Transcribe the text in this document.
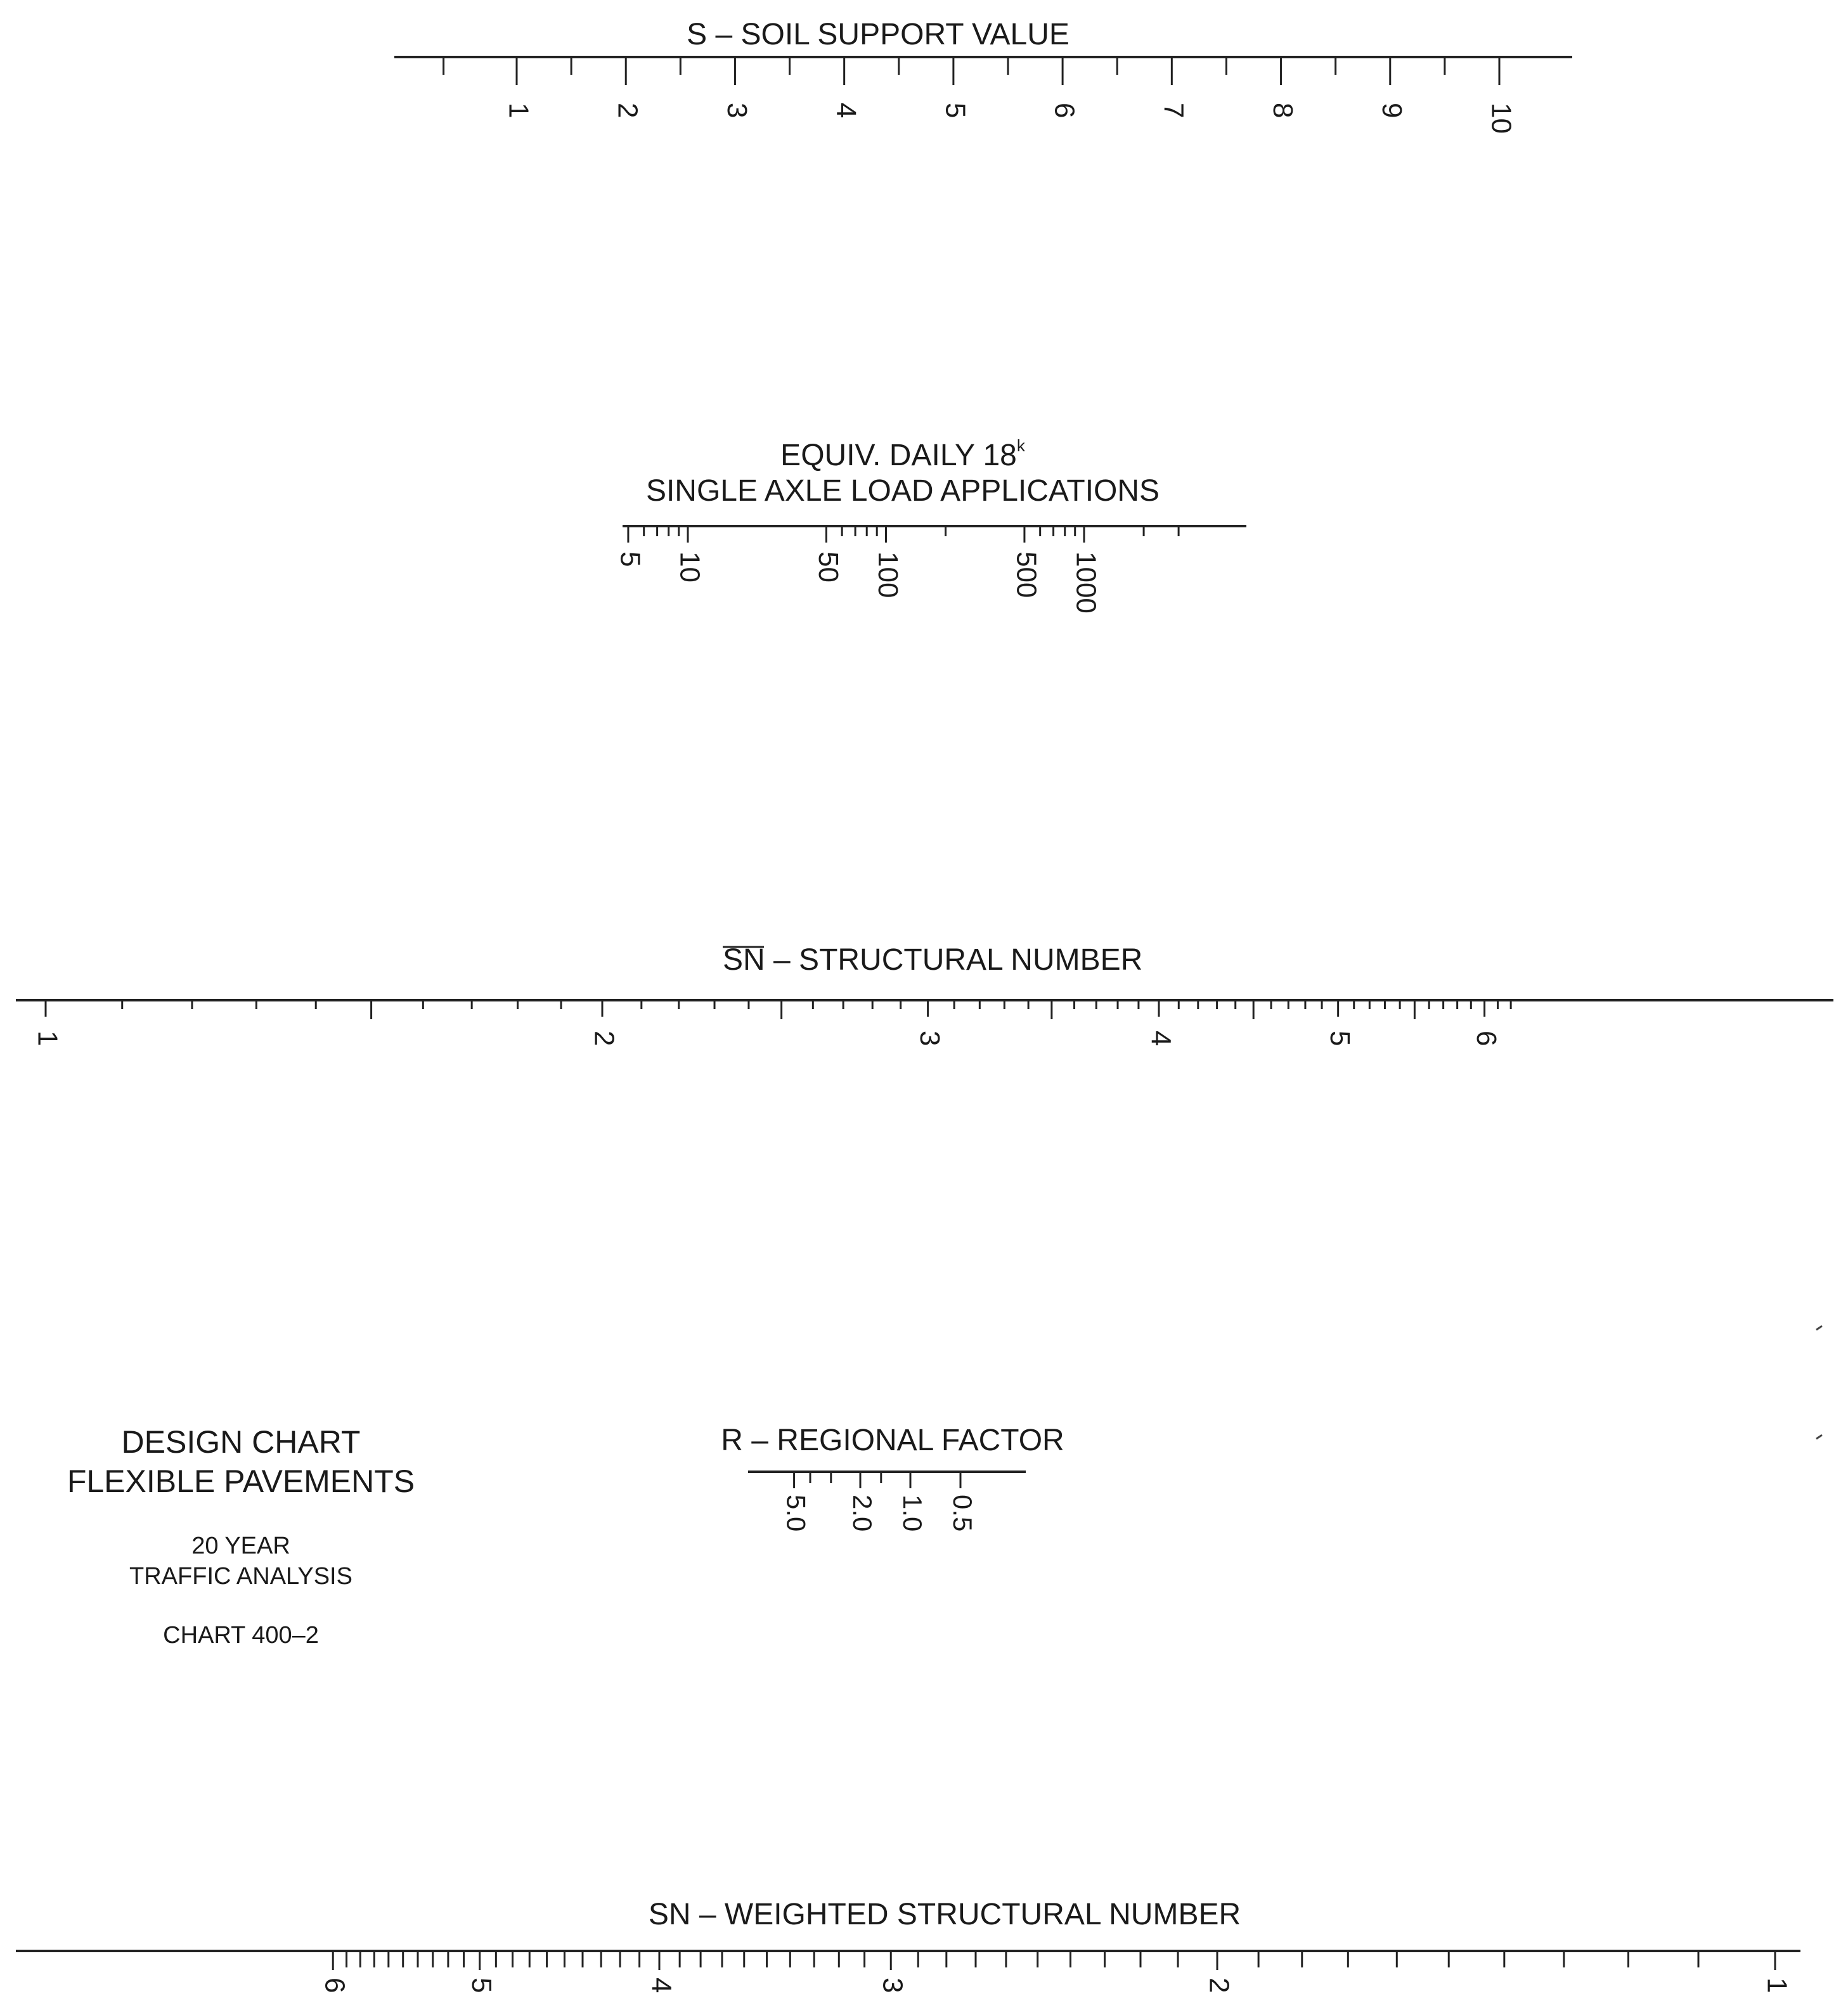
S – SOIL SUPPORT VALUE
1	2	3	4	5	6	7	8	9	10
EQUIV. DAILY 18$^k$
SINGLE AXLE LOAD APPLICATIONS
5 10	50 100	500 1000
SN – STRUCTURAL NUMBER
1	2	3	4	5	6
R – REGIONAL FACTOR
5.0 2.0 1.0 0.5
SN – WEIGHTED STRUCTURAL NUMBER
6	5	4	3	2	1

DESIGN CHART

FLEXIBLE PAVEMENTS

20 YEAR

TRAFFIC ANALYSIS

CHART 400–2
